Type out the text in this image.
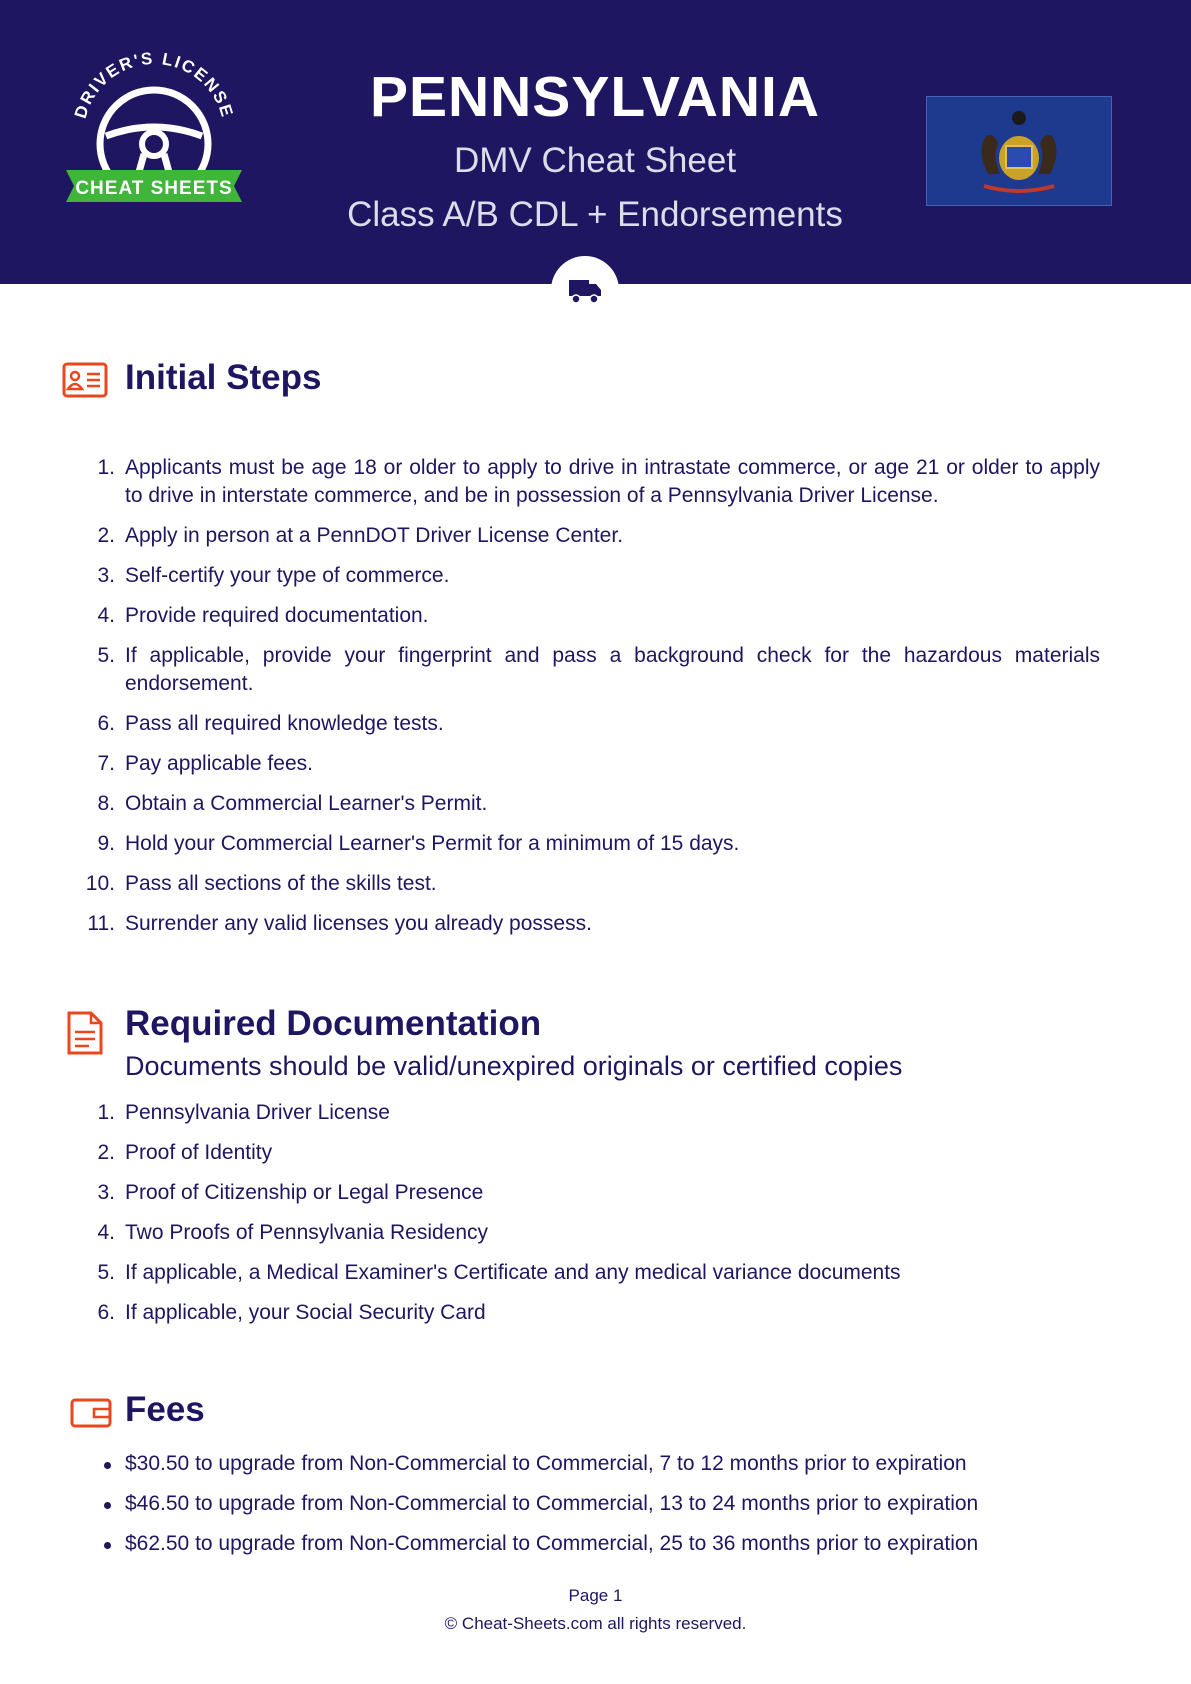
DRIVER'S LICENSE
CHEAT SHEETS
PENNSYLVANIA
DMV Cheat Sheet
Class A/B CDL + Endorsements
Initial Steps
1. Applicants must be age 18 or older to apply to drive in intrastate commerce, or age 21 or older to apply to drive in interstate commerce, and be in possession of a Pennsylvania Driver License.
2. Apply in person at a PennDOT Driver License Center.
3. Self-certify your type of commerce.
4. Provide required documentation.
5. If applicable, provide your fingerprint and pass a background check for the hazardous materials endorsement.
6. Pass all required knowledge tests.
7. Pay applicable fees.
8. Obtain a Commercial Learner's Permit.
9. Hold your Commercial Learner's Permit for a minimum of 15 days.
10. Pass all sections of the skills test.
11. Surrender any valid licenses you already possess.
Required Documentation
Documents should be valid/unexpired originals or certified copies
1. Pennsylvania Driver License
2. Proof of Identity
3. Proof of Citizenship or Legal Presence
4. Two Proofs of Pennsylvania Residency
5. If applicable, a Medical Examiner's Certificate and any medical variance documents
6. If applicable, your Social Security Card
Fees
$30.50 to upgrade from Non-Commercial to Commercial, 7 to 12 months prior to expiration
$46.50 to upgrade from Non-Commercial to Commercial, 13 to 24 months prior to expiration
$62.50 to upgrade from Non-Commercial to Commercial, 25 to 36 months prior to expiration
Page 1
© Cheat-Sheets.com all rights reserved.
